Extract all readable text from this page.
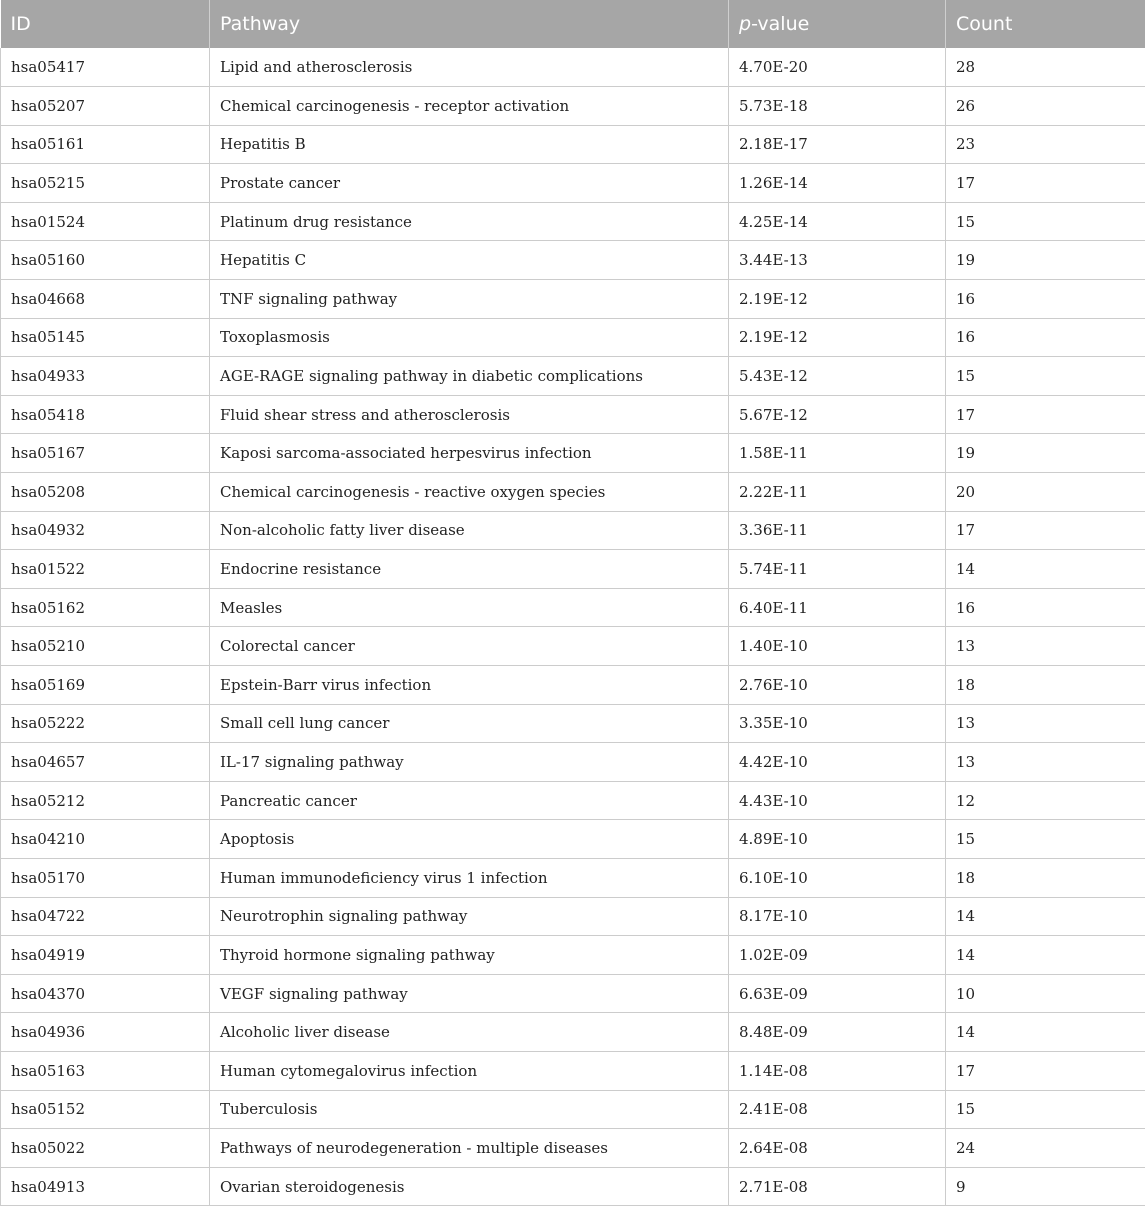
ID	Pathway	p-value	Count
hsa05417	Lipid and atherosclerosis	4.70E-20	28
hsa05207	Chemical carcinogenesis - receptor activation	5.73E-18	26
hsa05161	Hepatitis B	2.18E-17	23
hsa05215	Prostate cancer	1.26E-14	17
hsa01524	Platinum drug resistance	4.25E-14	15
hsa05160	Hepatitis C	3.44E-13	19
hsa04668	TNF signaling pathway	2.19E-12	16
hsa05145	Toxoplasmosis	2.19E-12	16
hsa04933	AGE-RAGE signaling pathway in diabetic complications	5.43E-12	15
hsa05418	Fluid shear stress and atherosclerosis	5.67E-12	17
hsa05167	Kaposi sarcoma-associated herpesvirus infection	1.58E-11	19
hsa05208	Chemical carcinogenesis - reactive oxygen species	2.22E-11	20
hsa04932	Non-alcoholic fatty liver disease	3.36E-11	17
hsa01522	Endocrine resistance	5.74E-11	14
hsa05162	Measles	6.40E-11	16
hsa05210	Colorectal cancer	1.40E-10	13
hsa05169	Epstein-Barr virus infection	2.76E-10	18
hsa05222	Small cell lung cancer	3.35E-10	13
hsa04657	IL-17 signaling pathway	4.42E-10	13
hsa05212	Pancreatic cancer	4.43E-10	12
hsa04210	Apoptosis	4.89E-10	15
hsa05170	Human immunodeficiency virus 1 infection	6.10E-10	18
hsa04722	Neurotrophin signaling pathway	8.17E-10	14
hsa04919	Thyroid hormone signaling pathway	1.02E-09	14
hsa04370	VEGF signaling pathway	6.63E-09	10
hsa04936	Alcoholic liver disease	8.48E-09	14
hsa05163	Human cytomegalovirus infection	1.14E-08	17
hsa05152	Tuberculosis	2.41E-08	15
hsa05022	Pathways of neurodegeneration - multiple diseases	2.64E-08	24
hsa04913	Ovarian steroidogenesis	2.71E-08	9
